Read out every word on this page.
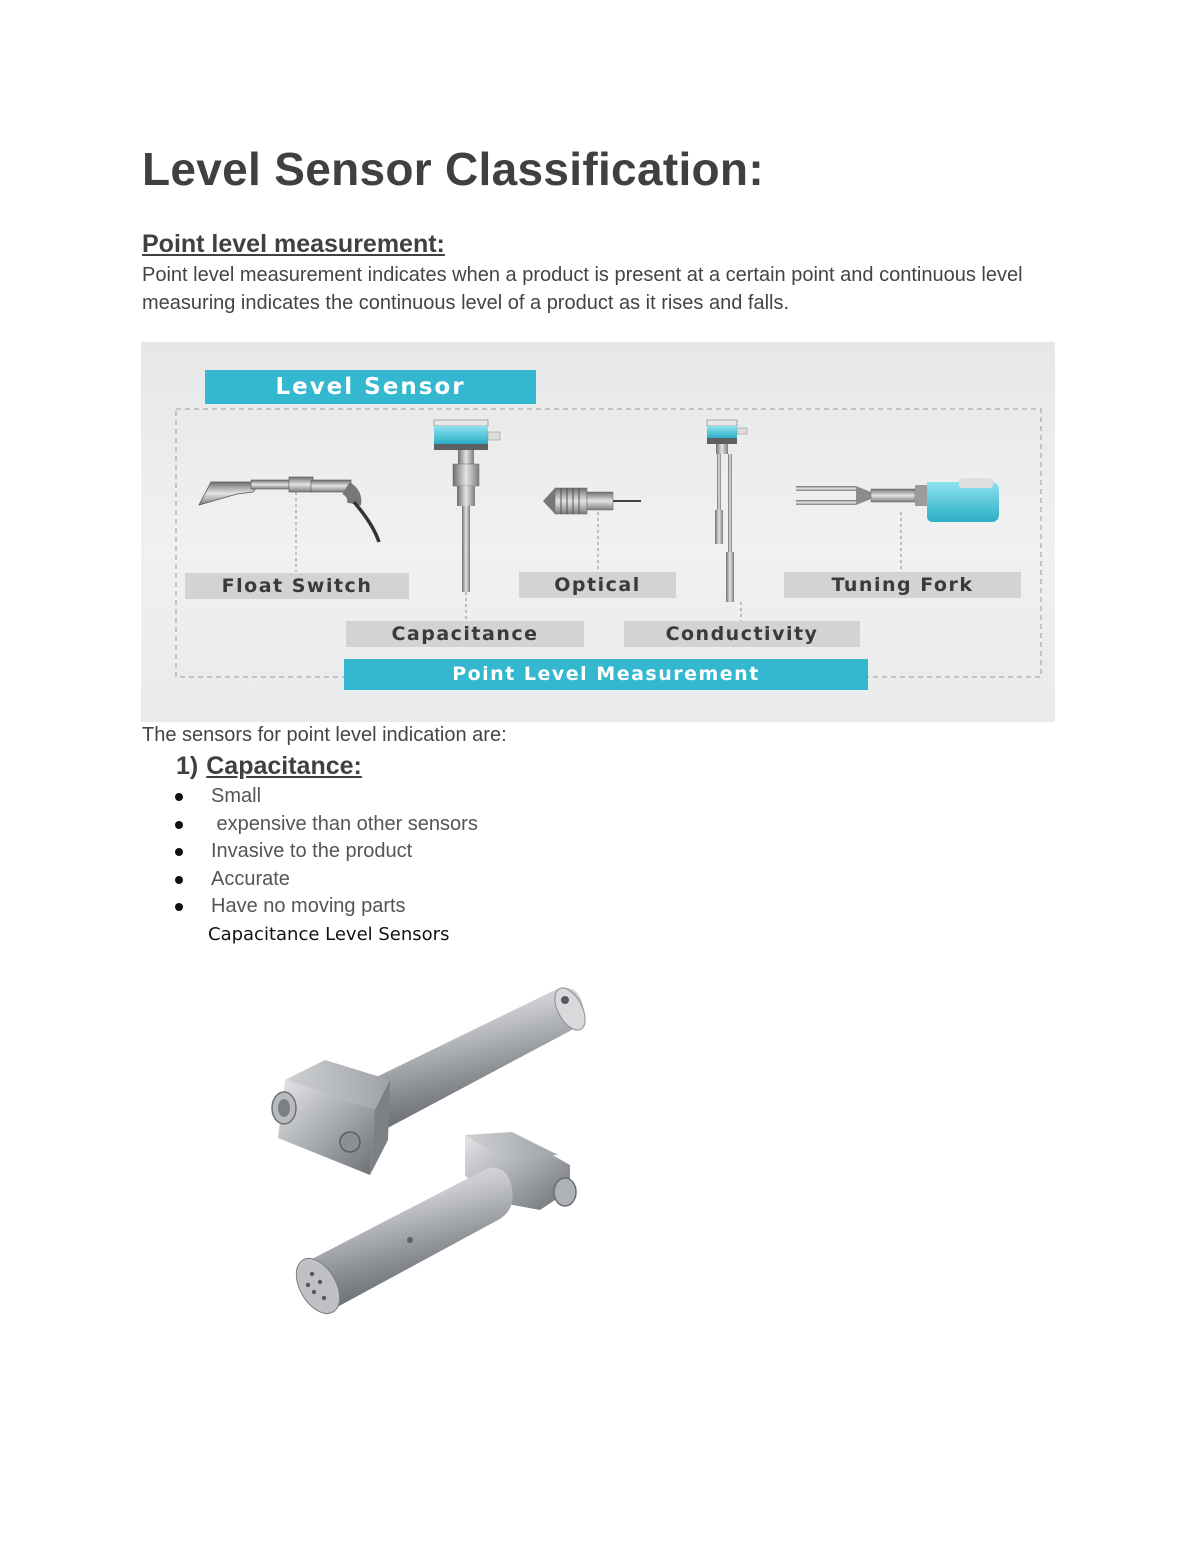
Level Sensor Classification:
Point level measurement:

Point level measurement indicates when a product is present at a certain point and continuous level measuring indicates the continuous level of a product as it rises and falls.

Level Sensor
Float Switch	Optical	Tuning Fork
Capacitance	Conductivity
Point Level Measurement

The sensors for point level indication are:

1) Capacitance:
Small
expensive than other sensors
Invasive to the product
Accurate
Have no moving parts

Capacitance Level Sensors
